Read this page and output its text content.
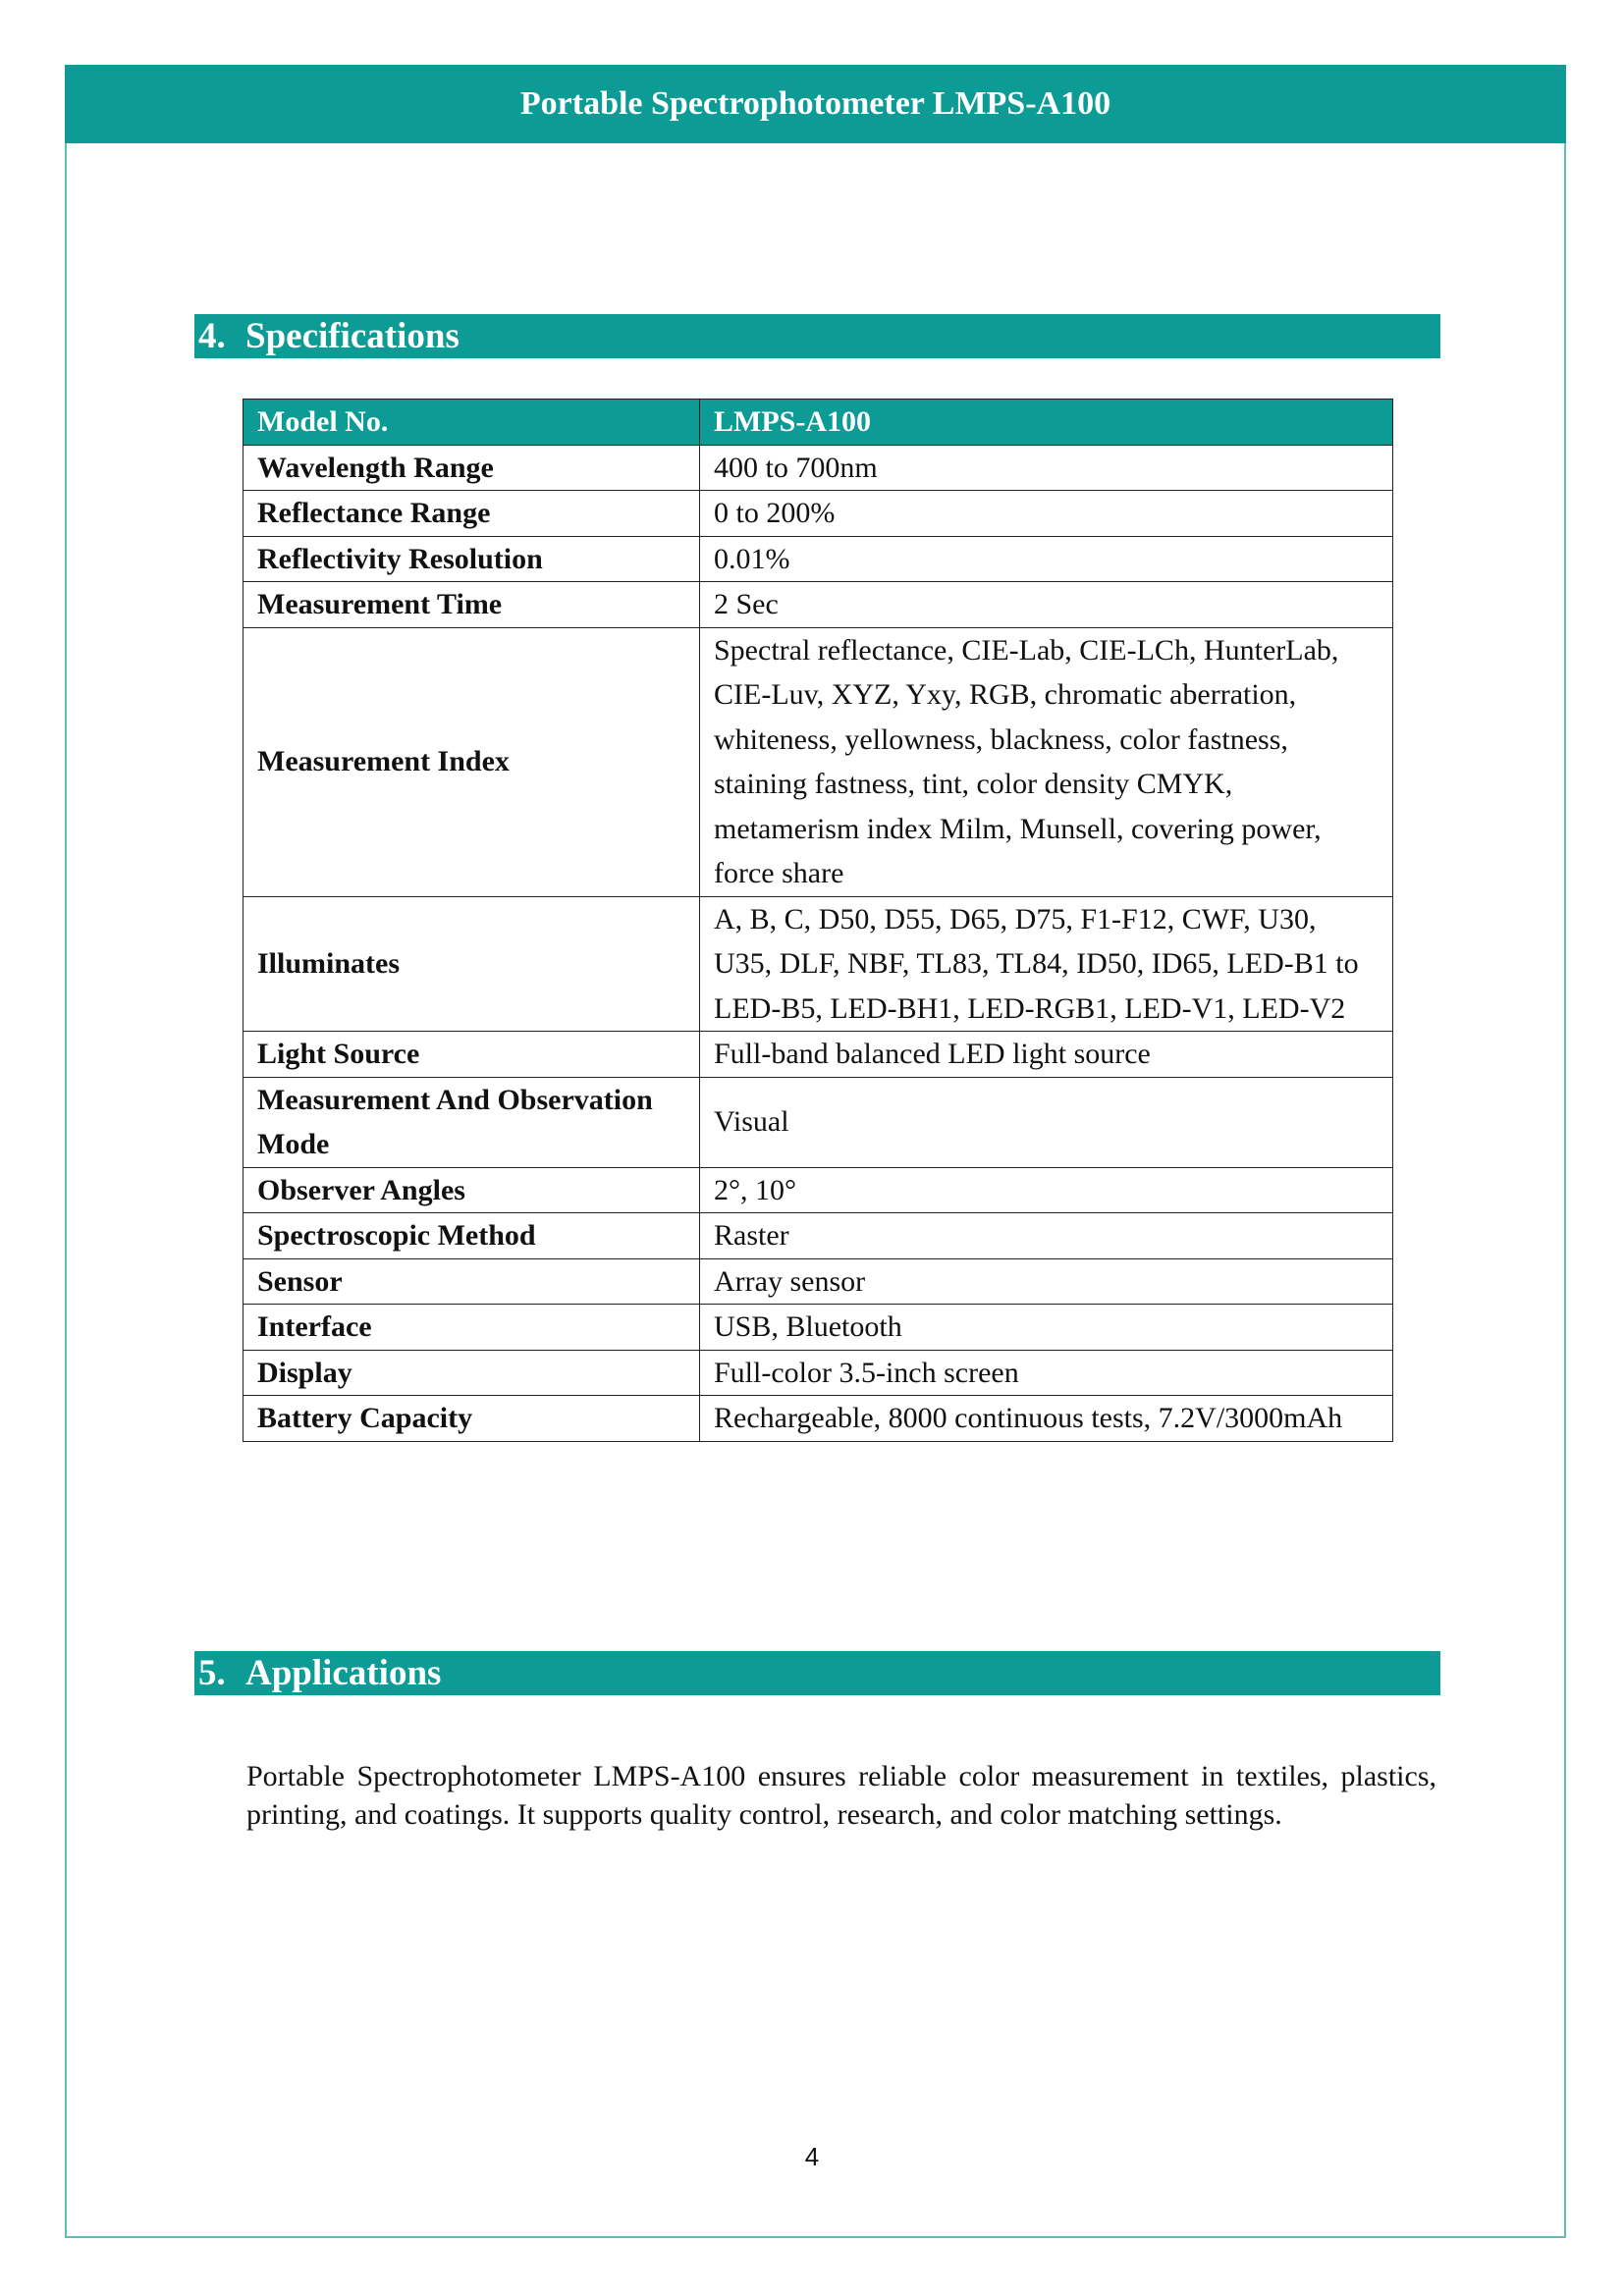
Portable Spectrophotometer LMPS-A100
4. Specifications
Model No.	LMPS-A100
Wavelength Range	400 to 700nm
Reflectance Range	0 to 200%
Reflectivity Resolution	0.01%
Measurement Time	2 Sec
Measurement Index	Spectral reflectance, CIE-Lab, CIE-LCh, HunterLab, CIE-Luv, XYZ, Yxy, RGB, chromatic aberration, whiteness, yellowness, blackness, color fastness, staining fastness, tint, color density CMYK, metamerism index Milm, Munsell, covering power, force share
Illuminates	A, B, C, D50, D55, D65, D75, F1-F12, CWF, U30, U35, DLF, NBF, TL83, TL84, ID50, ID65, LED-B1 to LED-B5, LED-BH1, LED-RGB1, LED-V1, LED-V2
Light Source	Full-band balanced LED light source
Measurement And Observation Mode	Visual
Observer Angles	2°, 10°
Spectroscopic Method	Raster
Sensor	Array sensor
Interface	USB, Bluetooth
Display	Full-color 3.5-inch screen
Battery Capacity	Rechargeable, 8000 continuous tests, 7.2V/3000mAh
5. Applications

Portable Spectrophotometer LMPS-A100 ensures reliable color measurement in textiles, plastics, printing, and coatings. It supports quality control, research, and color matching settings.

4
